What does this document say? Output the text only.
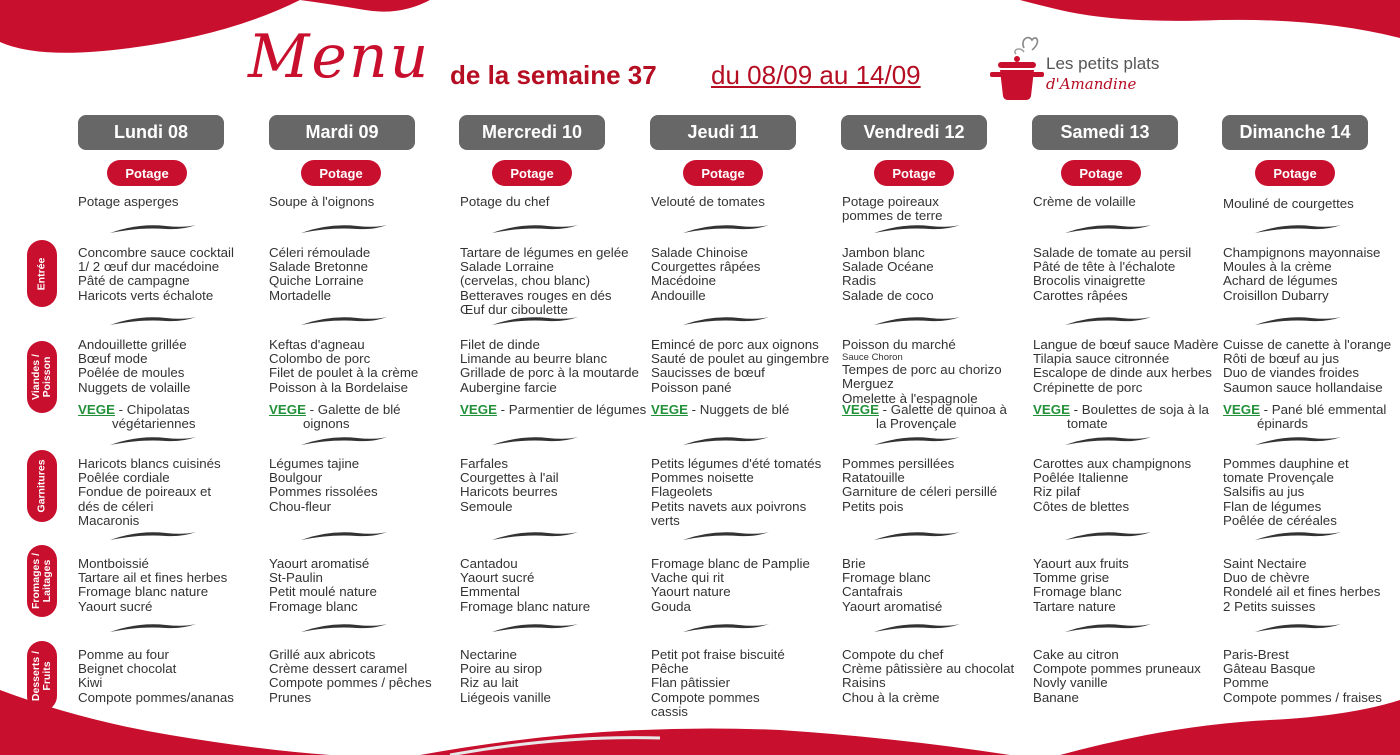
Menu de la semaine 37 du 08/09 au 14/09	Les petits plats
d'Amandine
Entrée
Viandes / Poisson
Garnitures
Fromages / Laitages
Desserts / Fruits
Lundi 08
Potage
Potage asperges
Concombre sauce cocktail
1/ 2 œuf dur macédoine
Pâté de campagne
Haricots verts échalote
Andouillette grillée
Bœuf mode
Poêlée de moules
Nuggets de volaille
VEGE - Chipolatas
végétariennes
Haricots blancs cuisinés
Poêlée cordiale
Fondue de poireaux et
dés de céleri
Macaronis
Montboissié
Tartare ail et fines herbes
Fromage blanc nature
Yaourt sucré
Pomme au four
Beignet chocolat
Kiwi
Compote pommes/ananas
Mardi 09
Potage
Soupe à l'oignons
Céleri rémoulade
Salade Bretonne
Quiche Lorraine
Mortadelle
Keftas d'agneau
Colombo de porc
Filet de poulet à la crème
Poisson à la Bordelaise
VEGE - Galette de blé
oignons
Légumes tajine
Boulgour
Pommes rissolées
Chou-fleur
Yaourt aromatisé
St-Paulin
Petit moulé nature
Fromage blanc
Grillé aux abricots
Crème dessert caramel
Compote pommes / pêches
Prunes
Mercredi 10
Potage
Potage du chef
Tartare de légumes en gelée
Salade Lorraine
(cervelas, chou blanc)
Betteraves rouges en dés
Œuf dur ciboulette
Filet de dinde
Limande au beurre blanc
Grillade de porc à la moutarde
Aubergine farcie
VEGE - Parmentier de légumes
Farfales
Courgettes à l'ail
Haricots beurres
Semoule
Cantadou
Yaourt sucré
Emmental
Fromage blanc nature
Nectarine
Poire au sirop
Riz au lait
Liégeois vanille
Jeudi 11
Potage
Velouté de tomates
Salade Chinoise
Courgettes râpées
Macédoine
Andouille
Emincé de porc aux oignons
Sauté de poulet au gingembre
Saucisses de bœuf
Poisson pané
VEGE - Nuggets de blé
Petits légumes d'été tomatés
Pommes noisette
Flageolets
Petits navets aux poivrons
verts
Fromage blanc de Pamplie
Vache qui rit
Yaourt nature
Gouda
Petit pot fraise biscuité
Pêche
Flan pâtissier
Compote pommes
cassis
Vendredi 12
Potage
Potage poireaux
pommes de terre
Jambon blanc
Salade Océane
Radis
Salade de coco
Poisson du marché
Sauce Choron
Tempes de porc au chorizo
Merguez
Omelette à l'espagnole
VEGE - Galette de quinoa à
la Provençale
Pommes persillées
Ratatouille
Garniture de céleri persillé
Petits pois
Brie
Fromage blanc
Cantafrais
Yaourt aromatisé
Compote du chef
Crème pâtissière au chocolat
Raisins
Chou à la crème
Samedi 13
Potage
Crème de volaille
Salade de tomate au persil
Pâté de tête à l'échalote
Brocolis vinaigrette
Carottes râpées
Langue de bœuf sauce Madère
Tilapia sauce citronnée
Escalope de dinde aux herbes
Crépinette de porc
VEGE - Boulettes de soja à la
tomate
Carottes aux champignons
Poêlée Italienne
Riz pilaf
Côtes de blettes
Yaourt aux fruits
Tomme grise
Fromage blanc
Tartare nature
Cake au citron
Compote pommes pruneaux
Novly vanille
Banane
Dimanche 14
Potage
Mouliné de courgettes
Champignons mayonnaise
Moules à la crème
Achard de légumes
Croisillon Dubarry
Cuisse de canette à l'orange
Rôti de bœuf au jus
Duo de viandes froides
Saumon sauce hollandaise
VEGE - Pané blé emmental
épinards
Pommes dauphine et
tomate Provençale
Salsifis au jus
Flan de légumes
Poêlée de céréales
Saint Nectaire
Duo de chèvre
Rondelé ail et fines herbes
2 Petits suisses
Paris-Brest
Gâteau Basque
Pomme
Compote pommes / fraises
